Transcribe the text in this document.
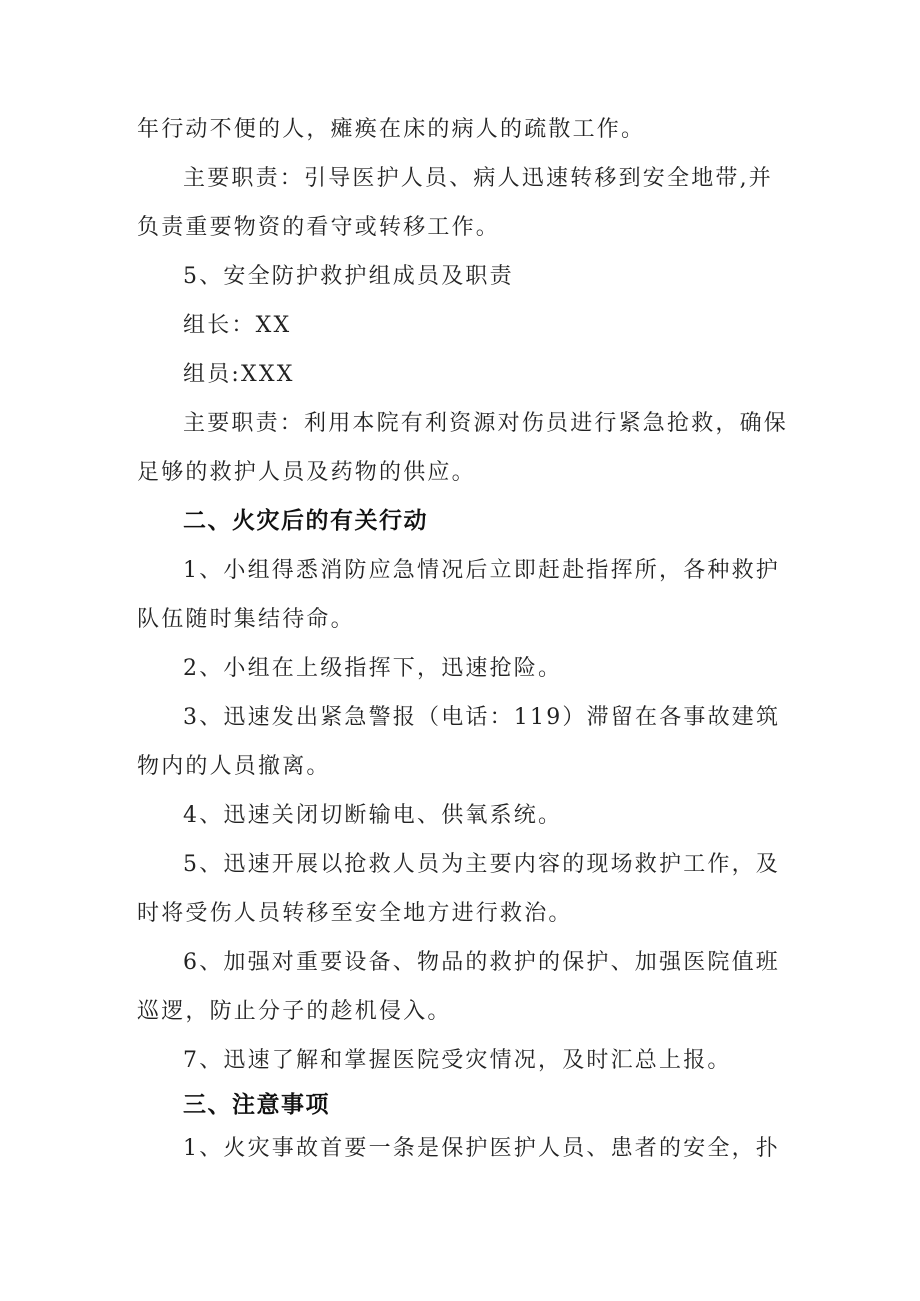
年行动不便的人，瘫痪在床的病人的疏散工作。

主要职责：引导医护人员、病人迅速转移到安全地带,并负责重要物资的看守或转移工作。

5、安全防护救护组成员及职责

组长：XX

组员:XXX

主要职责：利用本院有利资源对伤员进行紧急抢救，确保足够的救护人员及药物的供应。

二、火灾后的有关行动

1、小组得悉消防应急情况后立即赶赴指挥所，各种救护队伍随时集结待命。

2、小组在上级指挥下，迅速抢险。

3、迅速发出紧急警报（电话：119）滞留在各事故建筑物内的人员撤离。

4、迅速关闭切断输电、供氧系统。

5、迅速开展以抢救人员为主要内容的现场救护工作，及时将受伤人员转移至安全地方进行救治。

6、加强对重要设备、物品的救护的保护、加强医院值班巡逻，防止分子的趁机侵入。

7、迅速了解和掌握医院受灾情况，及时汇总上报。

三、注意事项

1、火灾事故首要一条是保护医护人员、患者的安全，扑
